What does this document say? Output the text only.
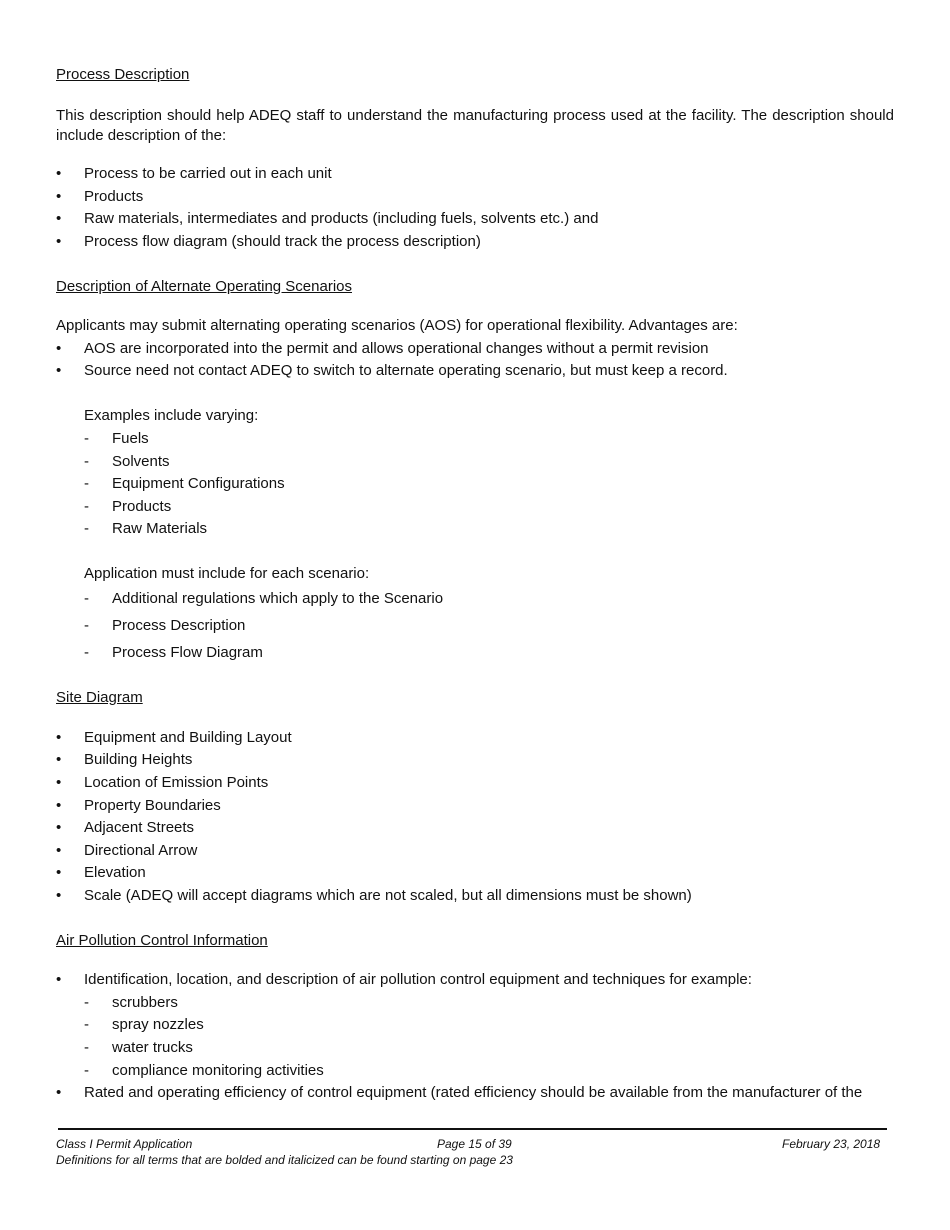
Process Description

This description should help ADEQ staff to understand the manufacturing process used at the facility. The description should include description of the:

• Process to be carried out in each unit
• Products
• Raw materials, intermediates and products (including fuels, solvents etc.) and
• Process flow diagram (should track the process description)
Description of Alternate Operating Scenarios

Applicants may submit alternating operating scenarios (AOS) for operational flexibility. Advantages are:

• AOS are incorporated into the permit and allows operational changes without a permit revision
• Source need not contact ADEQ to switch to alternate operating scenario, but must keep a record.

Examples include varying:

- Fuels
- Solvents
- Equipment Configurations
- Products
- Raw Materials

Application must include for each scenario:

- Additional regulations which apply to the Scenario
- Process Description
- Process Flow Diagram
Site Diagram
• Equipment and Building Layout
• Building Heights
• Location of Emission Points
• Property Boundaries
• Adjacent Streets
• Directional Arrow
• Elevation
• Scale (ADEQ will accept diagrams which are not scaled, but all dimensions must be shown)
Air Pollution Control Information
• Identification, location, and description of air pollution control equipment and techniques for example:
- scrubbers
- spray nozzles
- water trucks
- compliance monitoring activities
• Rated and operating efficiency of control equipment (rated efficiency should be available from the manufacturer of the
Class I Permit Application	Page 15 of 39	February 23, 2018
Definitions for all terms that are bolded and italicized can be found starting on page 23
